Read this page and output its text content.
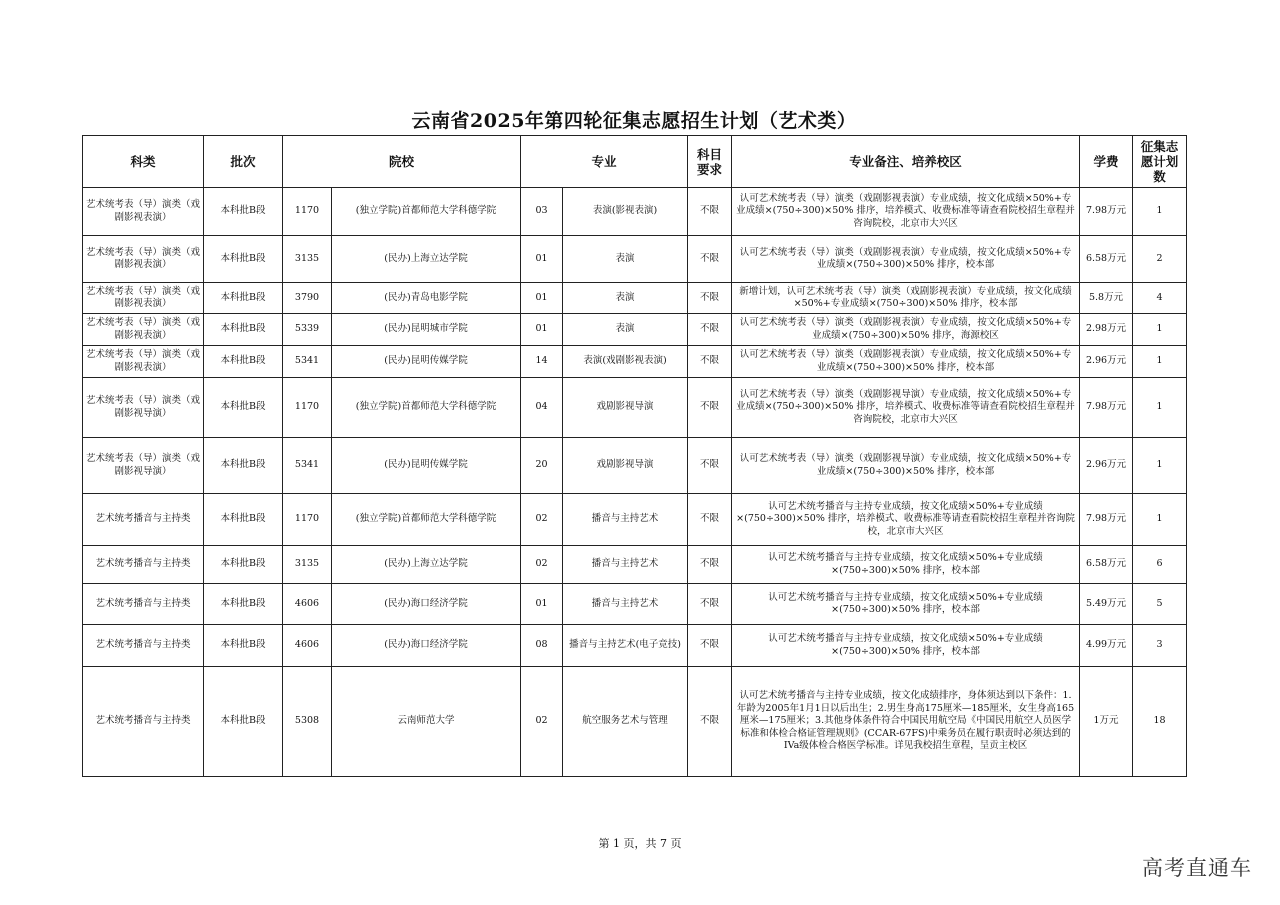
云南省2025年第四轮征集志愿招生计划（艺术类）
科类	批次	院校		专业		科目要求	专业备注、培养校区	学费	征集志愿计划数
艺术统考表（导）演类（戏剧影视表演）	本科批B段	1170	(独立学院)首都师范大学科德学院	03	表演(影视表演)	不限	认可艺术统考表（导）演类（戏剧影视表演）专业成绩，按文化成绩×50%+专业成绩×(750÷300)×50% 排序，培养模式、收费标准等请查看院校招生章程并咨询院校，北京市大兴区	7.98万元	1
艺术统考表（导）演类（戏剧影视表演）	本科批B段	3135	(民办)上海立达学院	01	表演	不限	认可艺术统考表（导）演类（戏剧影视表演）专业成绩，按文化成绩×50%+专业成绩×(750÷300)×50% 排序，校本部	6.58万元	2
艺术统考表（导）演类（戏剧影视表演）	本科批B段	3790	(民办)青岛电影学院	01	表演	不限	新增计划，认可艺术统考表（导）演类（戏剧影视表演）专业成绩，按文化成绩×50%+专业成绩×(750÷300)×50% 排序，校本部	5.8万元	4
艺术统考表（导）演类（戏剧影视表演）	本科批B段	5339	(民办)昆明城市学院	01	表演	不限	认可艺术统考表（导）演类（戏剧影视表演）专业成绩，按文化成绩×50%+专业成绩×(750÷300)×50% 排序，海源校区	2.98万元	1
艺术统考表（导）演类（戏剧影视表演）	本科批B段	5341	(民办)昆明传媒学院	14	表演(戏剧影视表演)	不限	认可艺术统考表（导）演类（戏剧影视表演）专业成绩，按文化成绩×50%+专业成绩×(750÷300)×50% 排序，校本部	2.96万元	1
艺术统考表（导）演类（戏剧影视导演）	本科批B段	1170	(独立学院)首都师范大学科德学院	04	戏剧影视导演	不限	认可艺术统考表（导）演类（戏剧影视导演）专业成绩，按文化成绩×50%+专业成绩×(750÷300)×50% 排序，培养模式、收费标准等请查看院校招生章程并咨询院校，北京市大兴区	7.98万元	1
艺术统考表（导）演类（戏剧影视导演）	本科批B段	5341	(民办)昆明传媒学院	20	戏剧影视导演	不限	认可艺术统考表（导）演类（戏剧影视导演）专业成绩，按文化成绩×50%+专业成绩×(750÷300)×50% 排序，校本部	2.96万元	1
艺术统考播音与主持类	本科批B段	1170	(独立学院)首都师范大学科德学院	02	播音与主持艺术	不限	认可艺术统考播音与主持专业成绩，按文化成绩×50%+专业成绩×(750÷300)×50% 排序，培养模式、收费标准等请查看院校招生章程并咨询院校，北京市大兴区	7.98万元	1
艺术统考播音与主持类	本科批B段	3135	(民办)上海立达学院	02	播音与主持艺术	不限	认可艺术统考播音与主持专业成绩，按文化成绩×50%+专业成绩×(750÷300)×50% 排序，校本部	6.58万元	6
艺术统考播音与主持类	本科批B段	4606	(民办)海口经济学院	01	播音与主持艺术	不限	认可艺术统考播音与主持专业成绩，按文化成绩×50%+专业成绩×(750÷300)×50% 排序，校本部	5.49万元	5
艺术统考播音与主持类	本科批B段	4606	(民办)海口经济学院	08	播音与主持艺术(电子竞技)	不限	认可艺术统考播音与主持专业成绩，按文化成绩×50%+专业成绩×(750÷300)×50% 排序，校本部	4.99万元	3
艺术统考播音与主持类	本科批B段	5308	云南师范大学	02	航空服务艺术与管理	不限	认可艺术统考播音与主持专业成绩，按文化成绩排序，身体须达到以下条件：1.年龄为2005年1月1日以后出生；2.男生身高175厘米—185厘米，女生身高165厘米—175厘米；3.其他身体条件符合中国民用航空局《中国民用航空人员医学标准和体检合格证管理规则》(CCAR-67FS)中乘务员在履行职责时必须达到的IVa级体检合格医学标准。详见我校招生章程，呈贡主校区	1万元	18
第 1 页，共 7 页
高考直通车
